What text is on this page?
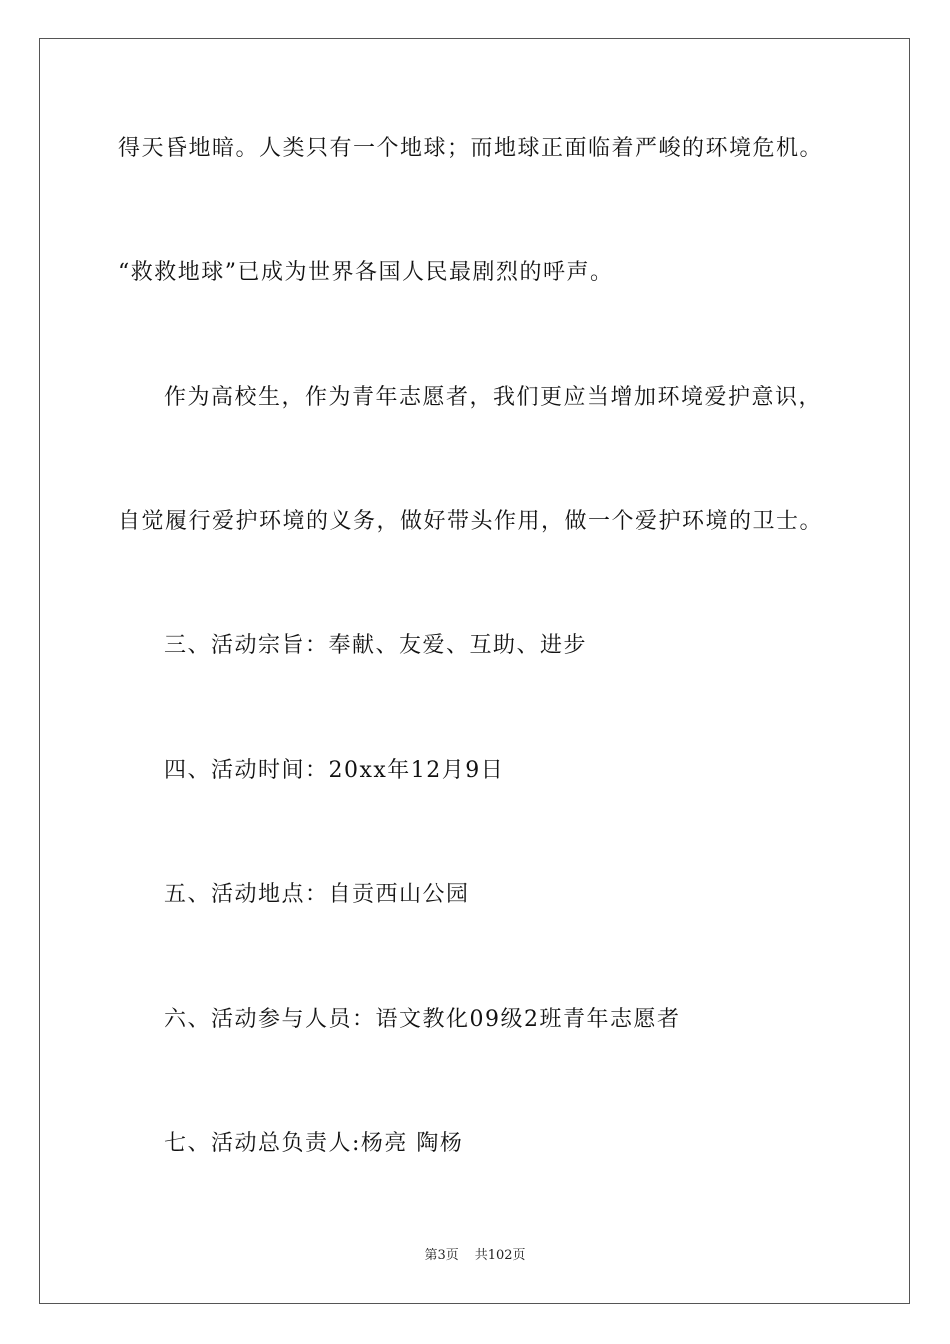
得天昏地暗。人类只有一个地球；而地球正面临着严峻的环境危机。
“救救地球”已成为世界各国人民最剧烈的呼声。
作为高校生，作为青年志愿者，我们更应当增加环境爱护意识，
自觉履行爱护环境的义务，做好带头作用，做一个爱护环境的卫士。
三、活动宗旨：奉献、友爱、互助、进步
四、活动时间：20xx年12月9日
五、活动地点：自贡西山公园
六、活动参与人员：语文教化09级2班青年志愿者
七、活动总负责人:杨亮 陶杨
第3页 共102页
